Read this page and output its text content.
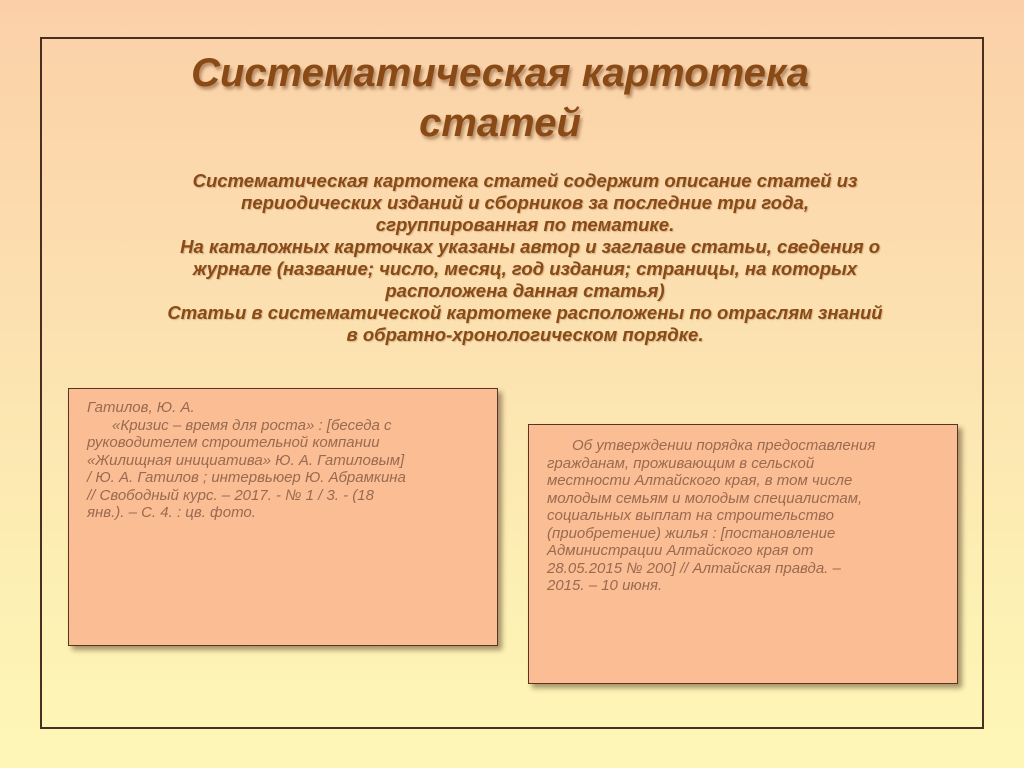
Систематическая картотека
статей
Систематическая картотека статей содержит описание статей из
периодических изданий и сборников за последние три года,
сгруппированная по тематике.
На каталожных карточках указаны автор и заглавие статьи, сведения о
журнале (название; число, месяц, год издания; страницы, на которых
расположена данная статья)
Статьи в систематической картотеке расположены по отраслям знаний
в обратно-хронологическом порядке.
Гатилов, Ю. А.
«Кризис – время для роста» : [беседа с
руководителем строительной компании
«Жилищная инициатива» Ю. А. Гатиловым]
/ Ю. А. Гатилов ; интервьюер Ю. Абрамкина
// Свободный курс. – 2017. - № 1 / 3. - (18
янв.). – С. 4. : цв. фото.
Об утверждении порядка предоставления
гражданам, проживающим в сельской
местности Алтайского края, в том числе
молодым семьям и молодым специалистам,
социальных выплат на строительство
(приобретение) жилья : [постановление
Администрации Алтайского края от
28.05.2015 № 200] // Алтайская правда. –
2015. – 10 июня.
